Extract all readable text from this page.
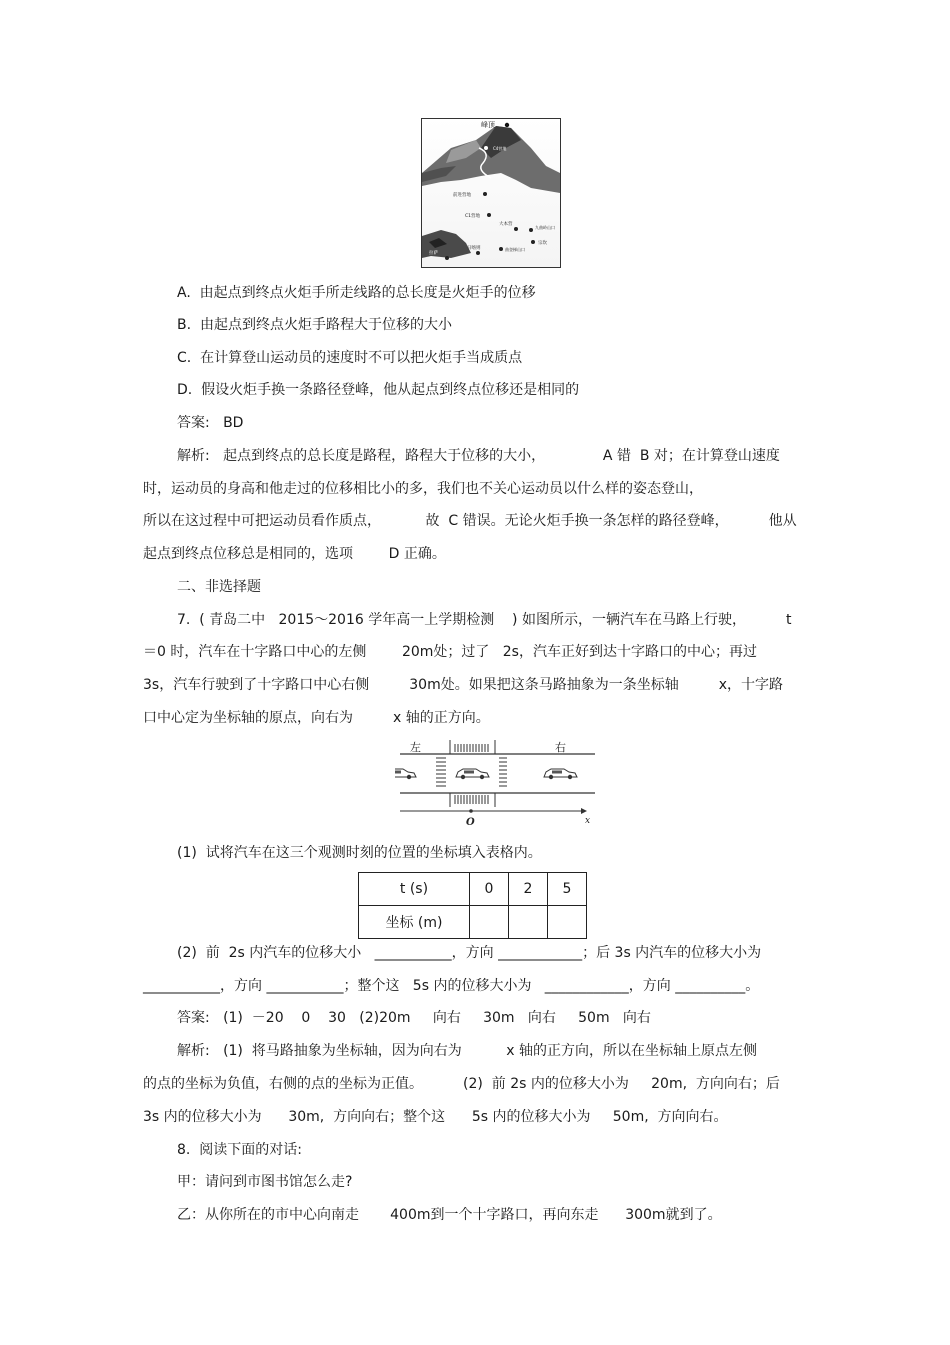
峰顶
C4营地
前进营地
C1营地
大本营
九曲岭山口
宗坎
曲登梯山口
日喀则
拉萨
A.  由起点到终点火炬手所走线路的总长度是火炬手的位移
B.  由起点到终点火炬手路程大于位移的大小
C.  在计算登山运动员的速度时不可以把火炬手当成质点
D.  假设火炬手换一条路径登峰，他从起点到终点位移还是相同的
答案:   BD
解析:   起点到终点的总长度是路程，路程大于位移的大小，             A 错  B 对；在计算登山速度
时，运动员的身高和他走过的位移相比小的多，我们也不关心运动员以什么样的姿态登山，
所以在这过程中可把运动员看作质点，          故  C 错误。无论火炬手换一条怎样的路径登峰，         他从
起点到终点位移总是相同的，选项        D 正确。
二、非选择题
7.  ( 青岛二中   2015～2016 学年高一上学期检测    ) 如图所示，一辆汽车在马路上行驶，         t
＝0 时，汽车在十字路口中心的左侧        20m处；过了   2s，汽车正好到达十字路口的中心；再过
3s，汽车行驶到了十字路口中心右侧         30m处。如果把这条马路抽象为一条坐标轴         x，十字路
口中心定为坐标轴的原点，向右为         x 轴的正方向。
左	右
O	x
(1)  试将汽车在这三个观测时刻的位置的坐标填入表格内。
t (s)	0	2	5
坐标 (m)			
(2)  前  2s 内汽车的位移大小   ___________，方向 ____________；后 3s 内汽车的位移大小为
___________，方向 ___________；整个这   5s 内的位移大小为   ____________，方向 __________。
答案:   (1)  －20    0    30   (2)20m     向右     30m   向右     50m   向右
解析:   (1)  将马路抽象为坐标轴，因为向右为          x 轴的正方向，所以在坐标轴上原点左侧
的点的坐标为负值，右侧的点的坐标为正值。         (2)  前 2s 内的位移大小为     20m,  方向向右；后
3s 内的位移大小为      30m,  方向向右；整个这      5s 内的位移大小为     50m,  方向向右。
8.  阅读下面的对话:
甲：请问到市图书馆怎么走?
乙：从你所在的市中心向南走       400m到一个十字路口，再向东走      300m就到了。
